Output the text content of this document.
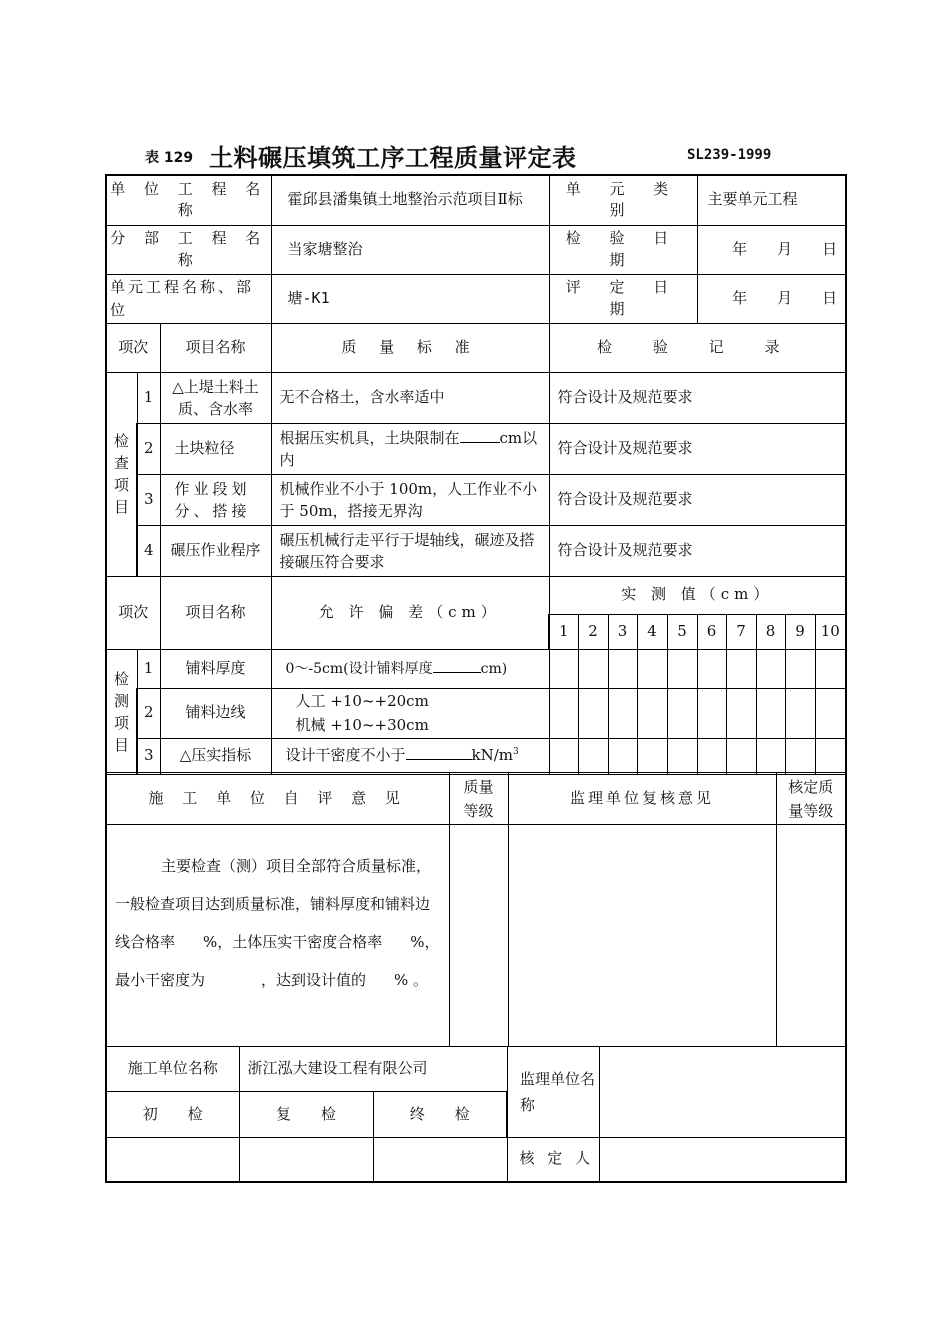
表 129 土料碾压填筑工序工程质量评定表	SL239-1999
单 位 工 程 名 称			霍邱县潘集镇土地整治示范项目Ⅱ标	单 元 类 别					主要单元工程				
分 部 工 程 名 称			当家塘整治	检 验 日 期					年　　月　　日				
单元工程名称、部位			塘-K1	评 定 日 期					年　　月　　日				
项次		项目名称	质 量 标 准	检 验 记 录									
检查项目	1	△上堤土料土质、含水率	无不合格土，含水率适中	符合设计及规范要求									
	2	土块粒径	根据压实机具，土块限制在 cm以内	符合设计及规范要求									
	3	作业段划分、搭接	机械作业不小于 100m，人工作业不小于 50m，搭接无界沟	符合设计及规范要求									
	4	碾压作业程序	碾压机械行走平行于堤轴线，碾迹及搭接碾压符合要求	符合设计及规范要求									
项次		项目名称	允 许 偏 差（cm）	实 测 值（cm）									
				1	2	3	4	5	6	7	8	9	10
检测项目	1	铺料厚度	0～-5cm(设计铺料厚度 cm)										
	2	铺料边线	人工 +10~+20cm
机械 +10~+30cm										

	3	△压实指标	设计干密度不小于 $kN/m^3$										
施 工 单 位 自 评 意 见	质量等级	监理单位复核意见	核定质量等级
主要检查（测）项目全部符合质量标准，一般检查项目达到质量标准，铺料厚度和铺料边线合格率 %，土体压实干密度合格率 %，最小干密度为 ，达到设计值的 % 。			
施工单位名称	浙江泓大建设工程有限公司		监理单位名　　称	
初　　检	复　　检	终　　检		
			核 定 人	
